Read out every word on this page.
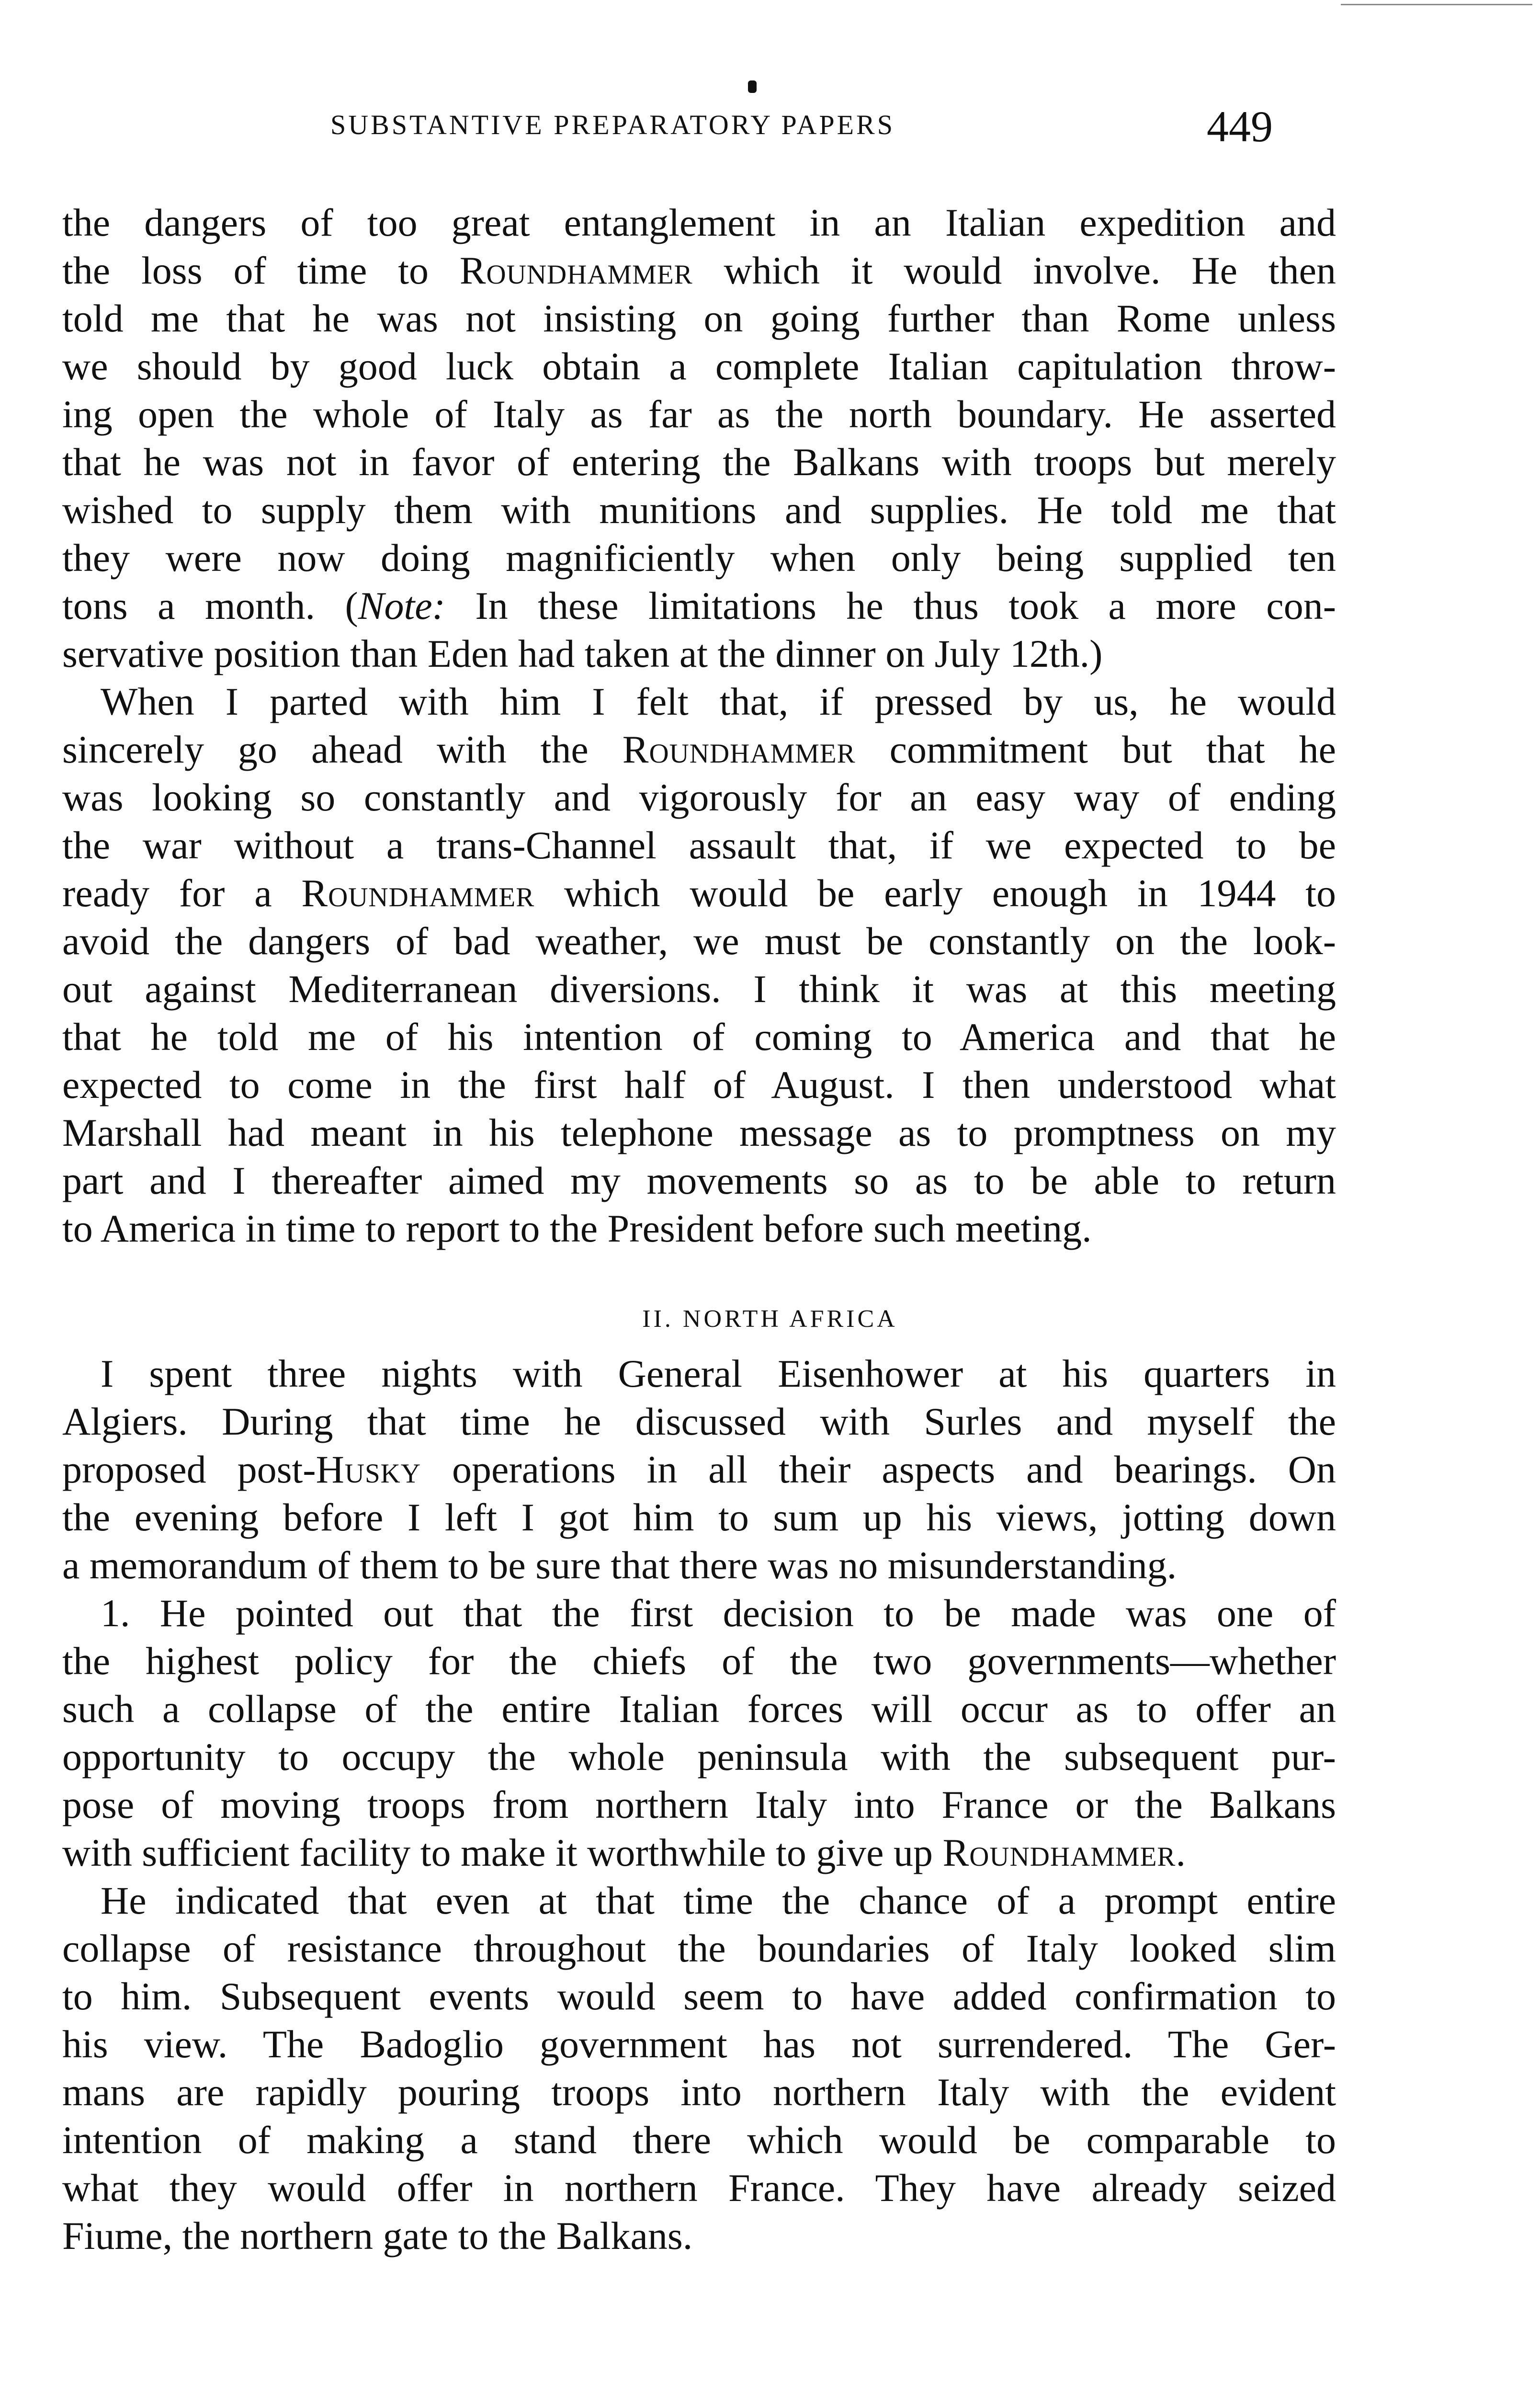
SUBSTANTIVE PREPARATORY PAPERS	449
the dangers of too great entanglement in an Italian expedition and
the loss of time to Roundhammer which it would involve. He then
told me that he was not insisting on going further than Rome unless
we should by good luck obtain a complete Italian capitulation throw-
ing open the whole of Italy as far as the north boundary. He asserted
that he was not in favor of entering the Balkans with troops but merely
wished to supply them with munitions and supplies. He told me that
they were now doing magnificiently when only being supplied ten
tons a month. (Note: In these limitations he thus took a more con-
servative position than Eden had taken at the dinner on July 12th.)
When I parted with him I felt that, if pressed by us, he would
sincerely go ahead with the Roundhammer commitment but that he
was looking so constantly and vigorously for an easy way of ending
the war without a trans-Channel assault that, if we expected to be
ready for a Roundhammer which would be early enough in 1944 to
avoid the dangers of bad weather, we must be constantly on the look-
out against Mediterranean diversions. I think it was at this meeting
that he told me of his intention of coming to America and that he
expected to come in the first half of August. I then understood what
Marshall had meant in his telephone message as to promptness on my
part and I thereafter aimed my movements so as to be able to return
to America in time to report to the President before such meeting.
II. NORTH AFRICA
I spent three nights with General Eisenhower at his quarters in
Algiers. During that time he discussed with Surles and myself the
proposed post-Husky operations in all their aspects and bearings. On
the evening before I left I got him to sum up his views, jotting down
a memorandum of them to be sure that there was no misunderstanding.
1. He pointed out that the first decision to be made was one of
the highest policy for the chiefs of the two governments—whether
such a collapse of the entire Italian forces will occur as to offer an
opportunity to occupy the whole peninsula with the subsequent pur-
pose of moving troops from northern Italy into France or the Balkans
with sufficient facility to make it worthwhile to give up Roundhammer.
He indicated that even at that time the chance of a prompt entire
collapse of resistance throughout the boundaries of Italy looked slim
to him. Subsequent events would seem to have added confirmation to
his view. The Badoglio government has not surrendered. The Ger-
mans are rapidly pouring troops into northern Italy with the evident
intention of making a stand there which would be comparable to
what they would offer in northern France. They have already seized
Fiume, the northern gate to the Balkans.
